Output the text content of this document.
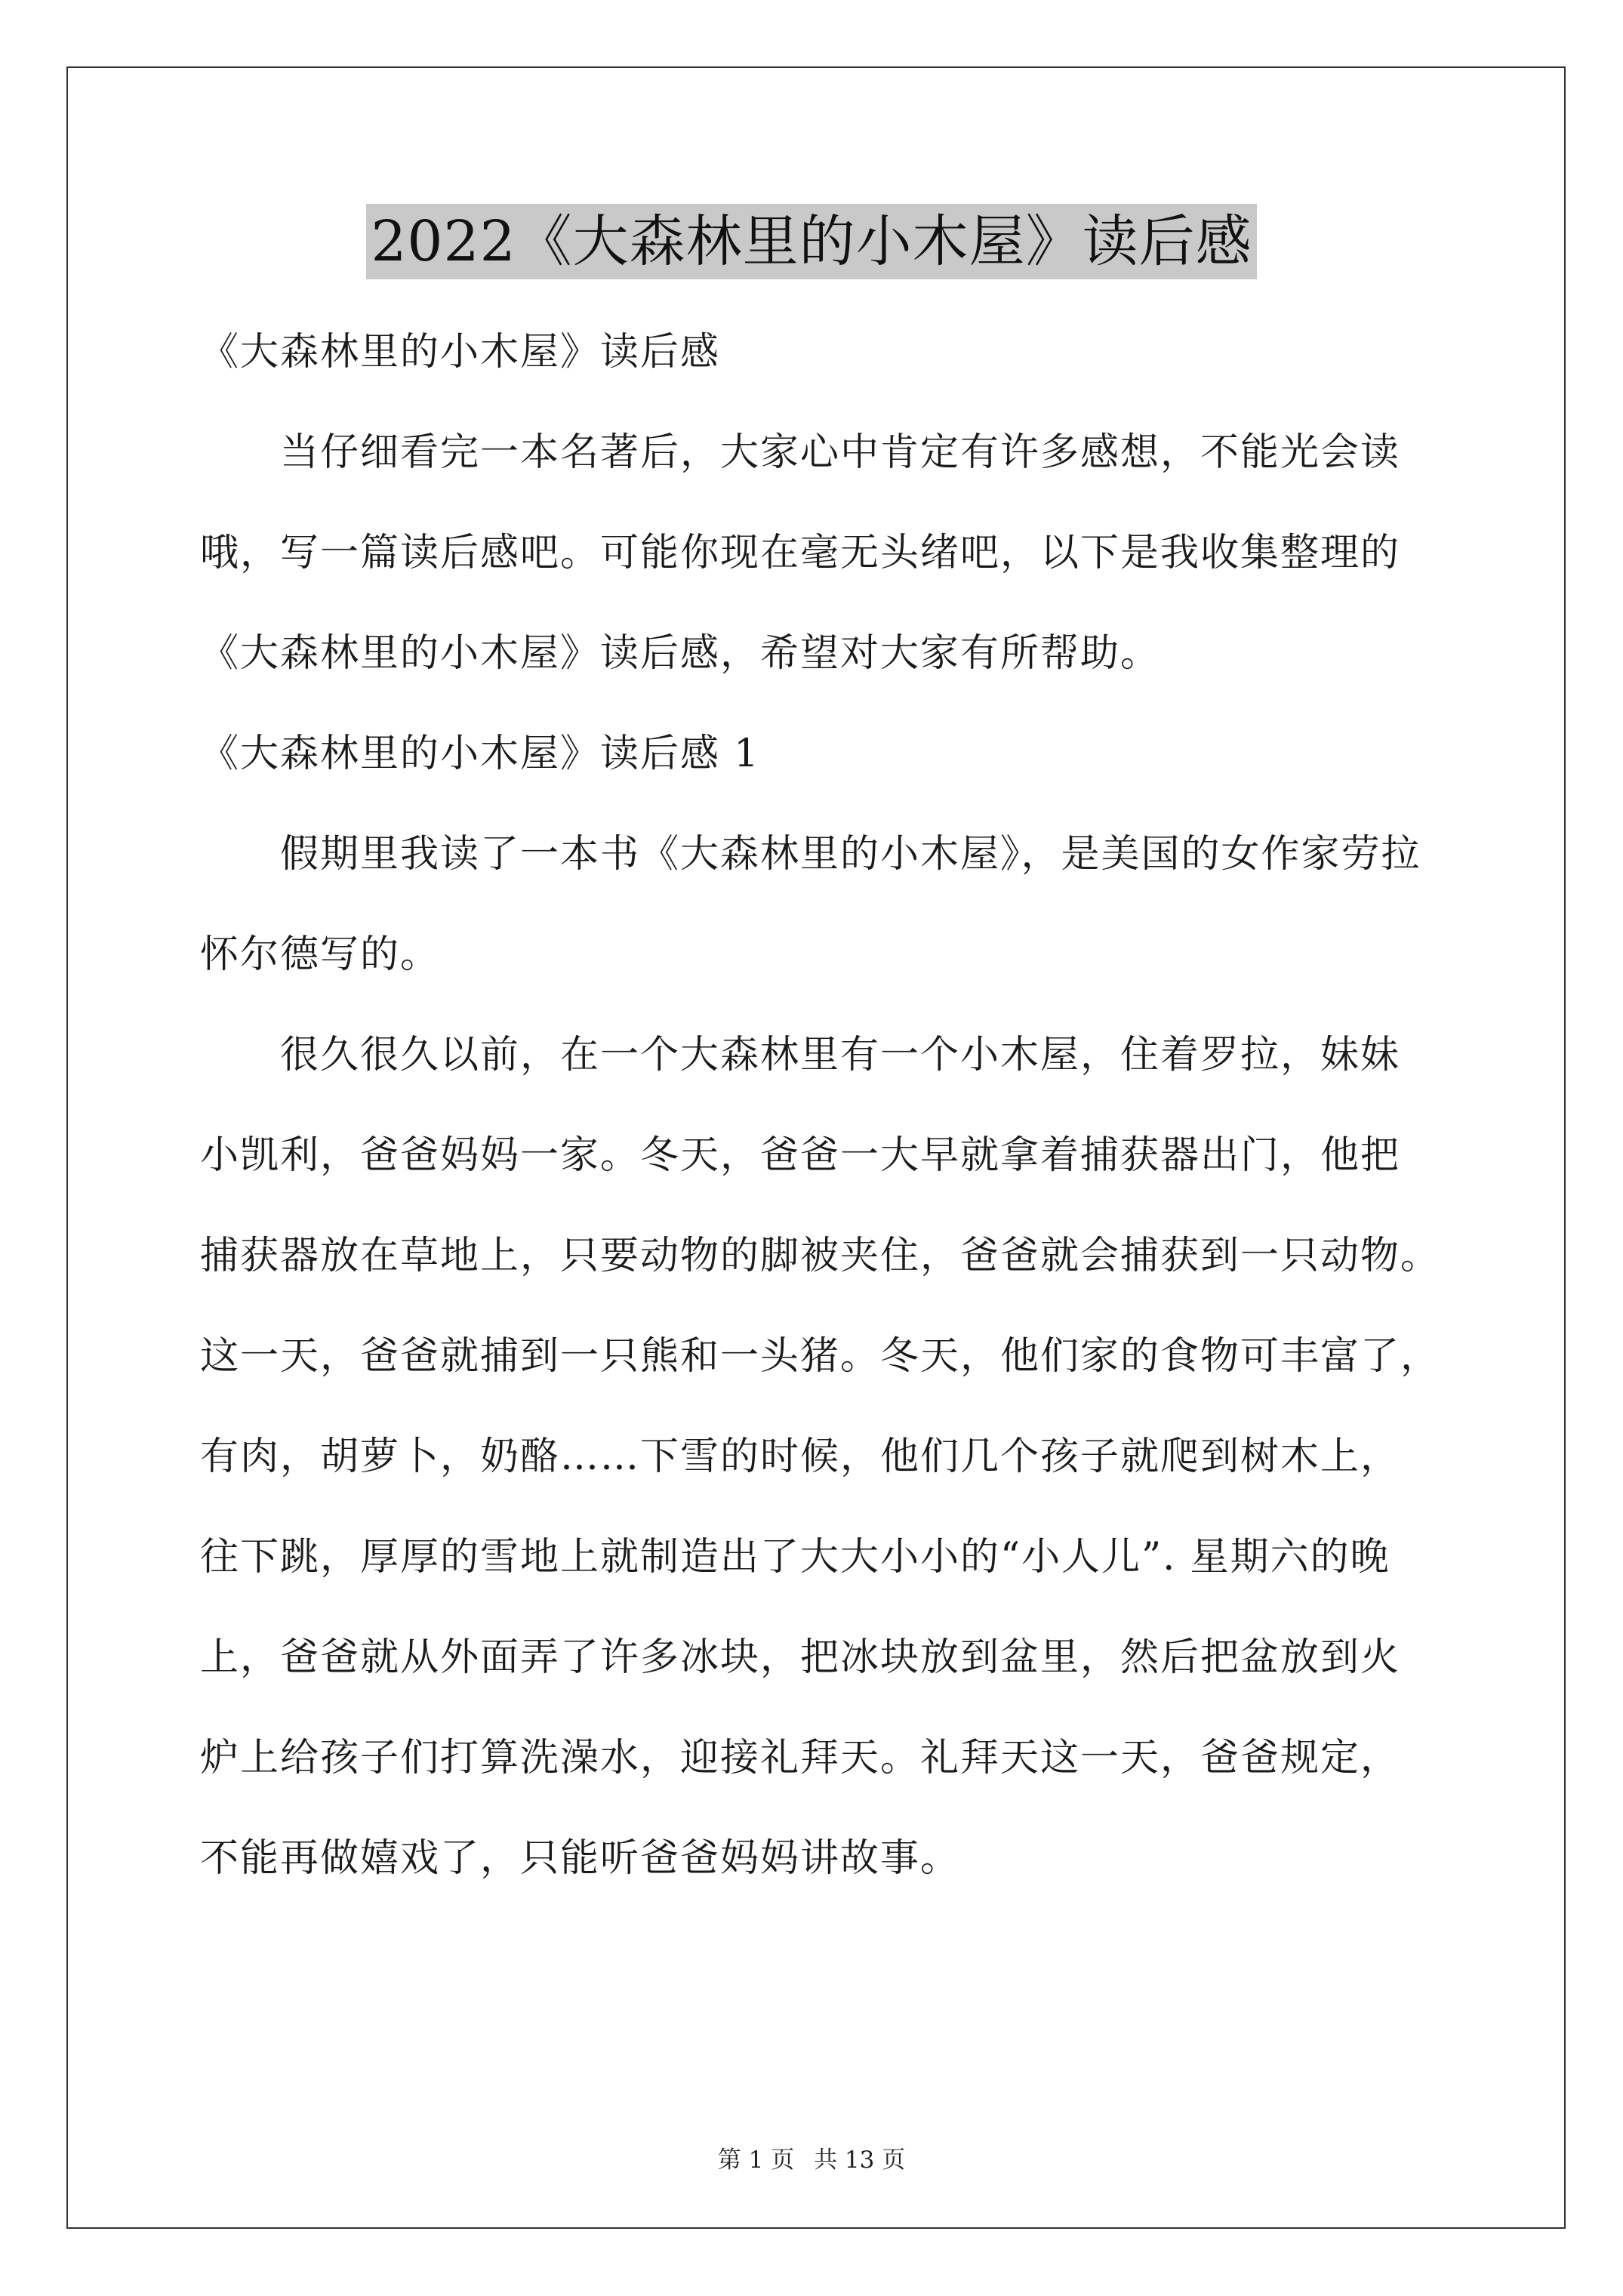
2022《大森林里的小木屋》读后感
《大森林里的小木屋》读后感
　　当仔细看完一本名著后，大家心中肯定有许多感想，不能光会读
哦，写一篇读后感吧。可能你现在毫无头绪吧，以下是我收集整理的
《大森林里的小木屋》读后感，希望对大家有所帮助。
《大森林里的小木屋》读后感 1
　　假期里我读了一本书《大森林里的小木屋》，是美国的女作家劳拉
怀尔德写的。
　　很久很久以前，在一个大森林里有一个小木屋，住着罗拉，妹妹
小凯利，爸爸妈妈一家。冬天，爸爸一大早就拿着捕获器出门，他把
捕获器放在草地上，只要动物的脚被夹住，爸爸就会捕获到一只动物。
这一天，爸爸就捕到一只熊和一头猪。冬天，他们家的食物可丰富了，
有肉，胡萝卜，奶酪……下雪的时候，他们几个孩子就爬到树木上，
往下跳，厚厚的雪地上就制造出了大大小小的“小人儿”. 星期六的晚
上，爸爸就从外面弄了许多冰块，把冰块放到盆里，然后把盆放到火
炉上给孩子们打算洗澡水，迎接礼拜天。礼拜天这一天，爸爸规定，
不能再做嬉戏了，只能听爸爸妈妈讲故事。
第 1 页 共 13 页
